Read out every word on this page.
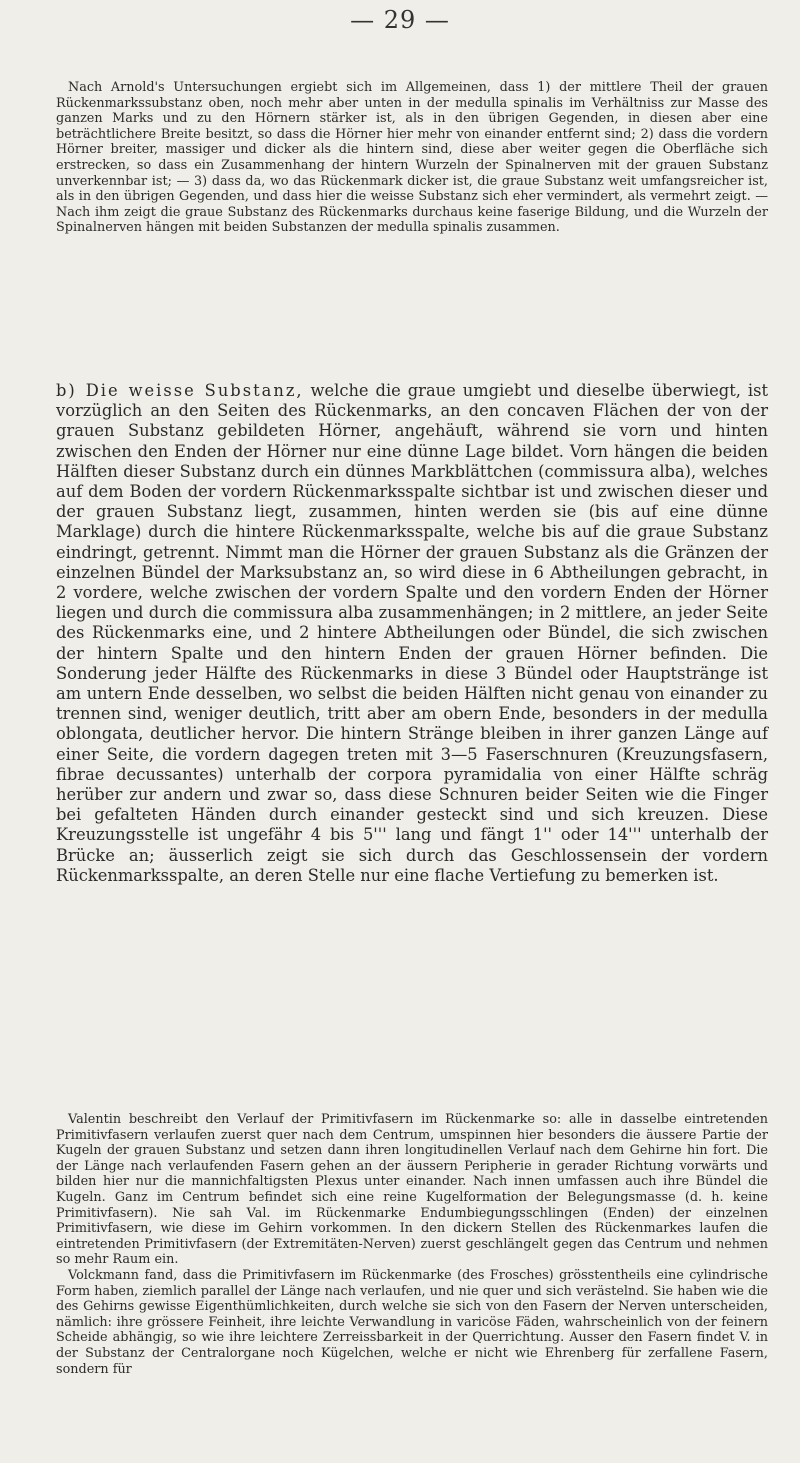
— 29 —

Nach Arnold's Untersuchungen ergiebt sich im Allgemeinen, dass 1) der mittlere Theil der grauen Rückenmarkssubstanz oben, noch mehr aber unten in der medulla spinalis im Verhältniss zur Masse des ganzen Marks und zu den Hörnern stärker ist, als in den übrigen Gegenden, in diesen aber eine beträchtlichere Breite besitzt, so dass die Hörner hier mehr von einander entfernt sind; 2) dass die vordern Hörner breiter, massiger und dicker als die hintern sind, diese aber weiter gegen die Oberfläche sich erstrecken, so dass ein Zusammenhang der hintern Wurzeln der Spinalnerven mit der grauen Substanz unverkennbar ist; — 3) dass da, wo das Rückenmark dicker ist, die graue Substanz weit umfangsreicher ist, als in den übrigen Gegenden, und dass hier die weisse Substanz sich eher vermindert, als vermehrt zeigt. — Nach ihm zeigt die graue Substanz des Rückenmarks durchaus keine faserige Bildung, und die Wurzeln der Spinalnerven hängen mit beiden Substanzen der medulla spinalis zusammen.

b) Die weisse Substanz, welche die graue umgiebt und dieselbe überwiegt, ist vorzüglich an den Seiten des Rückenmarks, an den concaven Flächen der von der grauen Substanz gebildeten Hörner, angehäuft, während sie vorn und hinten zwischen den Enden der Hörner nur eine dünne Lage bildet. Vorn hängen die beiden Hälften dieser Substanz durch ein dünnes Markblättchen (commissura alba), welches auf dem Boden der vordern Rückenmarksspalte sichtbar ist und zwischen dieser und der grauen Substanz liegt, zusammen, hinten werden sie (bis auf eine dünne Marklage) durch die hintere Rückenmarksspalte, welche bis auf die graue Substanz eindringt, getrennt. Nimmt man die Hörner der grauen Substanz als die Gränzen der einzelnen Bündel der Marksubstanz an, so wird diese in 6 Abtheilungen gebracht, in 2 vordere, welche zwischen der vordern Spalte und den vordern Enden der Hörner liegen und durch die commissura alba zusammenhängen; in 2 mittlere, an jeder Seite des Rückenmarks eine, und 2 hintere Abtheilungen oder Bündel, die sich zwischen der hintern Spalte und den hintern Enden der grauen Hörner befinden. Die Sonderung jeder Hälfte des Rückenmarks in diese 3 Bündel oder Hauptstränge ist am untern Ende desselben, wo selbst die beiden Hälften nicht genau von einander zu trennen sind, weniger deutlich, tritt aber am obern Ende, besonders in der medulla oblongata, deutlicher hervor. Die hintern Stränge bleiben in ihrer ganzen Länge auf einer Seite, die vordern dagegen treten mit 3—5 Faserschnuren (Kreuzungsfasern, fibrae decussantes) unterhalb der corpora pyramidalia von einer Hälfte schräg herüber zur andern und zwar so, dass diese Schnuren beider Seiten wie die Finger bei gefalteten Händen durch einander gesteckt sind und sich kreuzen. Diese Kreuzungsstelle ist ungefähr 4 bis 5''' lang und fängt 1'' oder 14''' unterhalb der Brücke an; äusserlich zeigt sie sich durch das Geschlossensein der vordern Rückenmarksspalte, an deren Stelle nur eine flache Vertiefung zu bemerken ist.

Valentin beschreibt den Verlauf der Primitivfasern im Rückenmarke so: alle in dasselbe eintretenden Primitivfasern verlaufen zuerst quer nach dem Centrum, umspinnen hier besonders die äussere Partie der Kugeln der grauen Substanz und setzen dann ihren longitudinellen Verlauf nach dem Gehirne hin fort. Die der Länge nach verlaufenden Fasern gehen an der äussern Peripherie in gerader Richtung vorwärts und bilden hier nur die mannichfaltigsten Plexus unter einander. Nach innen umfassen auch ihre Bündel die Kugeln. Ganz im Centrum befindet sich eine reine Kugelformation der Belegungsmasse (d. h. keine Primitivfasern). Nie sah Val. im Rückenmarke Endumbiegungsschlingen (Enden) der einzelnen Primitivfasern, wie diese im Gehirn vorkommen. In den dickern Stellen des Rückenmarkes laufen die eintretenden Primitivfasern (der Extremitäten-Nerven) zuerst geschlängelt gegen das Centrum und nehmen so mehr Raum ein.

Volckmann fand, dass die Primitivfasern im Rückenmarke (des Frosches) grösstentheils eine cylindrische Form haben, ziemlich parallel der Länge nach verlaufen, und nie quer und sich verästelnd. Sie haben wie die des Gehirns gewisse Eigenthümlichkeiten, durch welche sie sich von den Fasern der Nerven unterscheiden, nämlich: ihre grössere Feinheit, ihre leichte Verwandlung in varicöse Fäden, wahrscheinlich von der feinern Scheide abhängig, so wie ihre leichtere Zerreissbarkeit in der Querrichtung. Ausser den Fasern findet V. in der Substanz der Centralorgane noch Kügelchen, welche er nicht wie Ehrenberg für zerfallene Fasern, sondern für
